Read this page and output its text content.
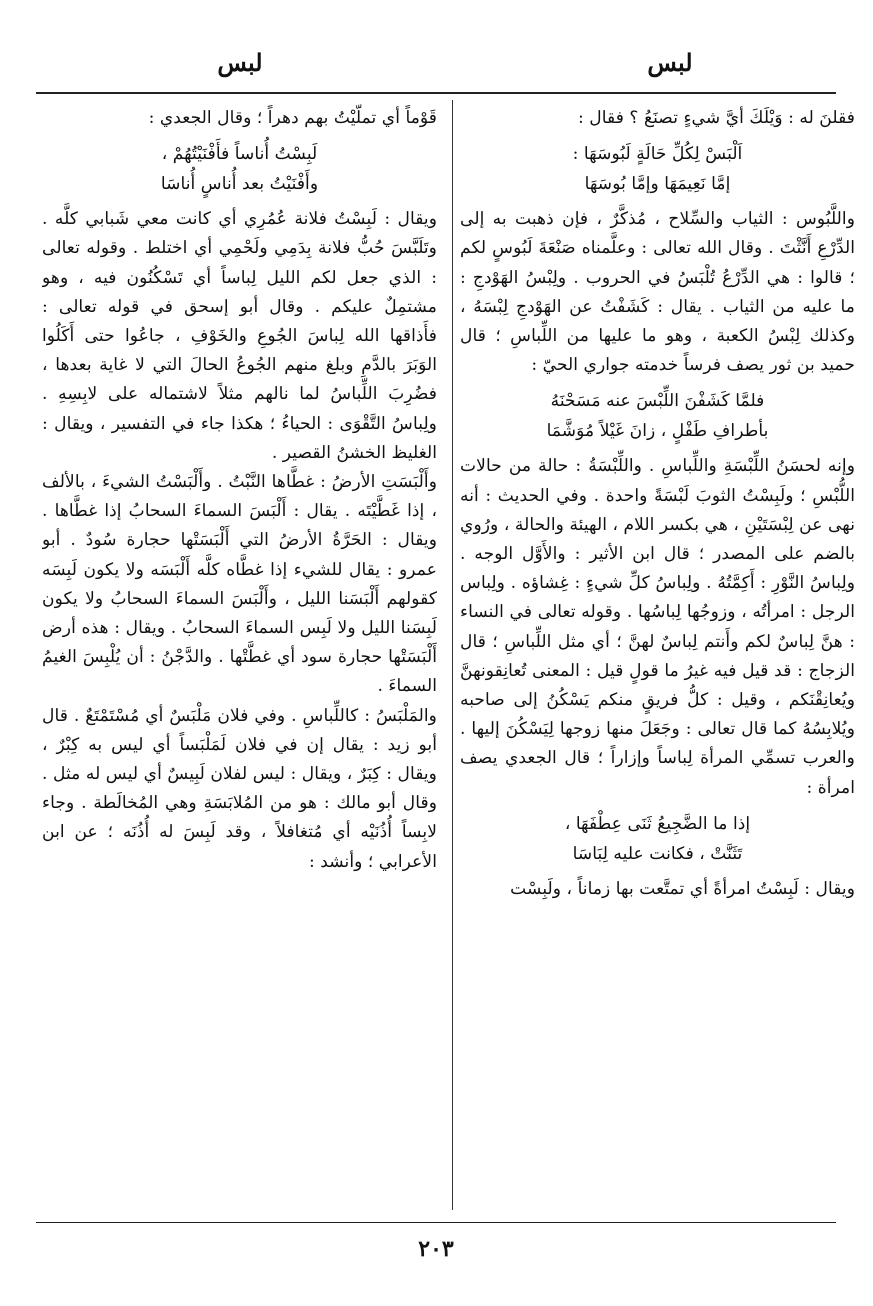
لبس
لبس

فقلنَ له : وَيْلَكَ أيَّ شيءٍ تصنَعُ ؟ فقال :

اَلْبَسْ لِكُلِّ حَالَةٍ لَبُوسَهَا :
إمَّا نَعِيمَهَا وإمَّا بُوسَهَا

واللَّبُوس : الثياب والسِّلاح ، مُذكَّرٌ ، فإن ذهبت به إلى الدِّرْعِ أَنَّثْتَ . وقال الله تعالى : وعلَّمناه صَنْعَةَ لَبُوسٍ لكم ؛ قالوا : هي الدِّرْعُ تُلْبَسُ في الحروب . ولِبْسُ الهَوْدجِ : ما عليه من الثياب . يقال : كَشَفْتُ عن الهَوْدجِ لِبْسَهُ ، وكذلك لِبْسُ الكعبة ، وهو ما عليها من اللِّباسِ ؛ قال حميد بن ثور يصف فرساً خدمته جواري الحيّ :

فلمَّا كَشَفْنَ اللِّبْسَ عنه مَسَحْنَهُ
بأطرافِ طَفْلٍ ، زانَ غَيْلاً مُوَشَّمَا

وإنه لحسَنُ اللِّبْسَةِ واللِّباسِ . واللِّبْسَةُ : حالة من حالات اللُّبْسِ ؛ ولَبِسْتُ الثوبَ لَبْسَةً واحدة . وفي الحديث : أنه نهى عن لِبْسَتَيْنِ ، هي بكسر اللام ، الهيئة والحالة ، ورُوي بالضم على المصدر ؛ قال ابن الأثير : والأَوَّل الوجه . ولِباسُ النَّوْرِ : أَكِمَّتُهُ . ولِباسُ كلِّ شيءٍ : غِشاؤه . ولِباس الرجل : امرأتُه ، وزوجُها لِباسُها . وقوله تعالى في النساء : هنَّ لِباسٌ لكم وأَنتم لِباسٌ لهنَّ ؛ أي مثل اللِّباسِ ؛ قال الزجاج : قد قيل فيه غيرُ ما قولٍ قيل : المعنى تُعانِقونهنَّ ويُعانِقْنَكم ، وقيل : كلُّ فريقٍ منكم يَسْكُنُ إلى صاحبه ويُلابِسُهُ كما قال تعالى : وجَعَلَ منها زوجها لِيَسْكُنَ إليها . والعرب تسمِّي المرأة لِباساً وإزاراً ؛ قال الجعدي يصف امرأة :

إذا ما الضَّجِيعُ ثَنَى عِطْفَهَا ،
تَثَنَّتْ ، فكانت عليه لِبَاسَا

ويقال : لَبِسْتُ امرأةً أي تمتَّعت بها زماناً ، ولَبِسْت

قَوْماً أي تملَّيْتُ بهم دهراً ؛ وقال الجعدي :

لَبِسْتُ أُناساً فأَفْنَيْتُهُمْ ،
وأَفْنَيْتُ بعد أُناسٍ أُناسَا

ويقال : لَبِسْتُ فلانة عُمُرِي أي كانت معي شَبابي كلَّه . وتَلَبَّسَ حُبُّ فلانة بِدَمِي ولَحْمِي أي اختلط . وقوله تعالى : الذي جعل لكم الليل لِباساً أي تَسْكُنُون فيه ، وهو مشتمِلٌ عليكم . وقال أبو إسحق في قوله تعالى : فأَذاقها الله لِباسَ الجُوعِ والخَوْفِ ، جاعُوا حتى أَكَلُوا الوَبَرَ بالدَّمِ وبلغ منهم الجُوعُ الحالَ التي لا غاية بعدها ، فضُرِبَ اللِّباسُ لما نالهم مثلاً لاشتماله على لابِسِهِ . ولِباسُ التَّقْوَى : الحياءُ ؛ هكذا جاء في التفسير ، ويقال : الغليظ الخشنُ القصير .

وأَلْبَسَتِ الأرضُ : غطَّاها النَّبْتُ . وأَلْبَسْتُ الشيءَ ، بالألف ، إذا غَطَّيْتَه . يقال : أَلْبَسَ السماءَ السحابُ إذا غطَّاها . ويقال : الحَرَّةُ الأرضُ التي أَلْبَسَتْها حجارة سُودٌ . أبو عمرو : يقال للشيء إذا غطَّاه كلَّه أَلْبَسَه ولا يكون لَبِسَه كقولهم أَلْبَسَنا الليل ، وأَلْبَسَ السماءَ السحابُ ولا يكون لَبِسَنا الليل ولا لَبِس السماءَ السحابُ . ويقال : هذه أرض أَلْبَسَتْها حجارة سود أي غطَّتْها . والدَّجْنُ : أن يُلْبِسَ الغيمُ السماءَ .

والمَلْبَسُ : كاللِّباسِ . وفي فلان مَلْبَسٌ أي مُسْتَمْتَعٌ . قال أبو زيد : يقال إن في فلان لَمَلْبَساً أي ليس به كِبْرٌ ، ويقال : كِبَرٌ ، ويقال : ليس لفلان لَبِيسٌ أي ليس له مثل . وقال أبو مالك : هو من المُلابَسَةِ وهي المُخالَطة . وجاء لابِساً أُذُنَيْه أي مُتغافلاً ، وقد لَبِسَ له أُذُنَه ؛ عن ابن الأعرابي ؛ وأنشد :

٢٠٣
